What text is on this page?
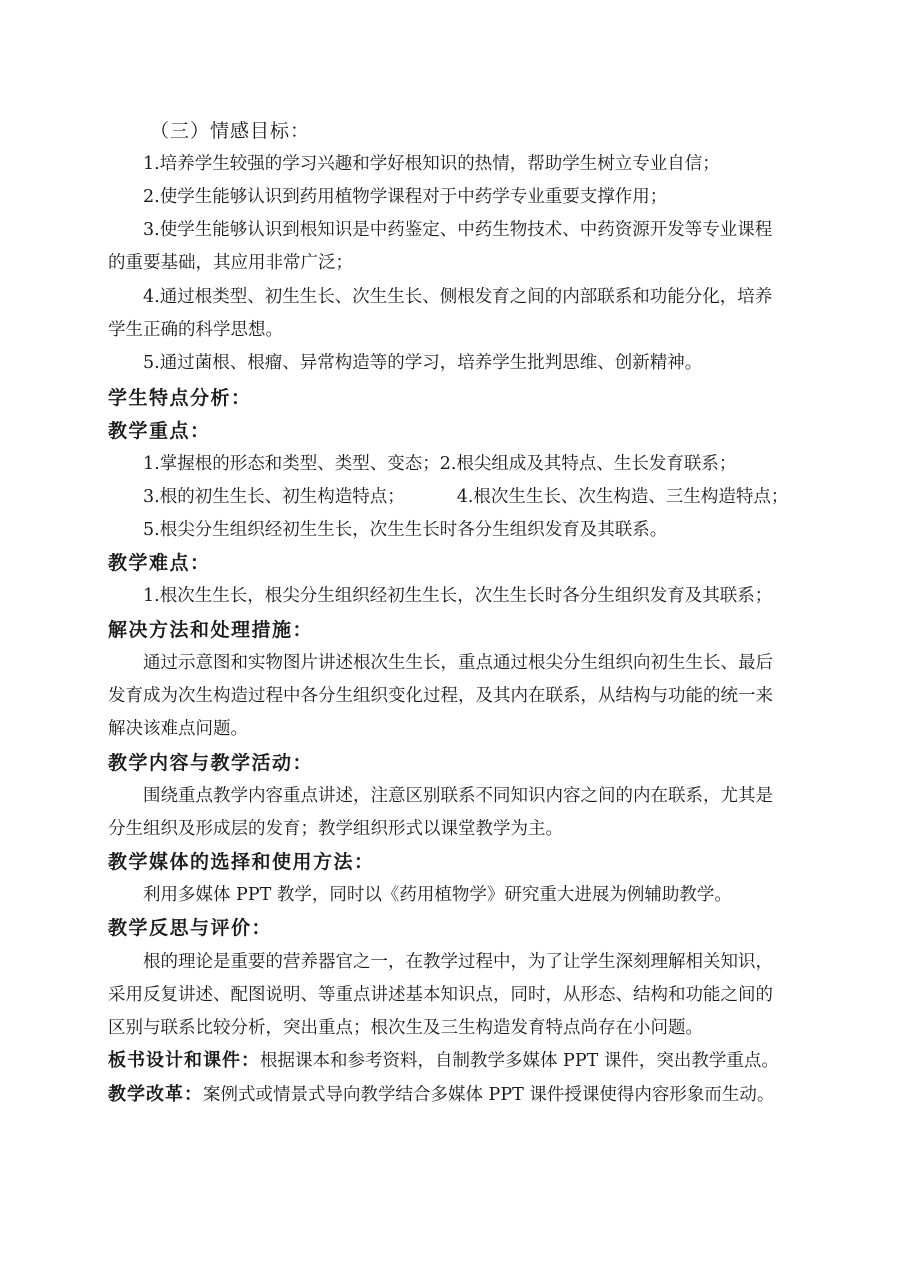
（三）情感目标：

1.培养学生较强的学习兴趣和学好根知识的热情，帮助学生树立专业自信；

2.使学生能够认识到药用植物学课程对于中药学专业重要支撑作用；

3.使学生能够认识到根知识是中药鉴定、中药生物技术、中药资源开发等专业课程

的重要基础，其应用非常广泛；

4.通过根类型、初生生长、次生生长、侧根发育之间的内部联系和功能分化，培养

学生正确的科学思想。

5.通过菌根、根瘤、异常构造等的学习，培养学生批判思维、创新精神。

学生特点分析：

教学重点：

1.掌握根的形态和类型、类型、变态；2.根尖组成及其特点、生长发育联系；

3.根的初生生长、初生构造特点；	4.根次生生长、次生构造、三生构造特点；

5.根尖分生组织经初生生长，次生生长时各分生组织发育及其联系。

教学难点：

1.根次生生长，根尖分生组织经初生生长，次生生长时各分生组织发育及其联系；

解决方法和处理措施：

通过示意图和实物图片讲述根次生生长，重点通过根尖分生组织向初生生长、最后

发育成为次生构造过程中各分生组织变化过程，及其内在联系，从结构与功能的统一来

解决该难点问题。

教学内容与教学活动：

围绕重点教学内容重点讲述，注意区别联系不同知识内容之间的内在联系，尤其是

分生组织及形成层的发育；教学组织形式以课堂教学为主。

教学媒体的选择和使用方法：

利用多媒体 PPT 教学，同时以《药用植物学》研究重大进展为例辅助教学。

教学反思与评价：

根的理论是重要的营养器官之一，在教学过程中，为了让学生深刻理解相关知识，

采用反复讲述、配图说明、等重点讲述基本知识点，同时，从形态、结构和功能之间的

区别与联系比较分析，突出重点；根次生及三生构造发育特点尚存在小问题。

板书设计和课件：根据课本和参考资料，自制教学多媒体 PPT 课件，突出教学重点。

教学改革：案例式或情景式导向教学结合多媒体 PPT 课件授课使得内容形象而生动。
